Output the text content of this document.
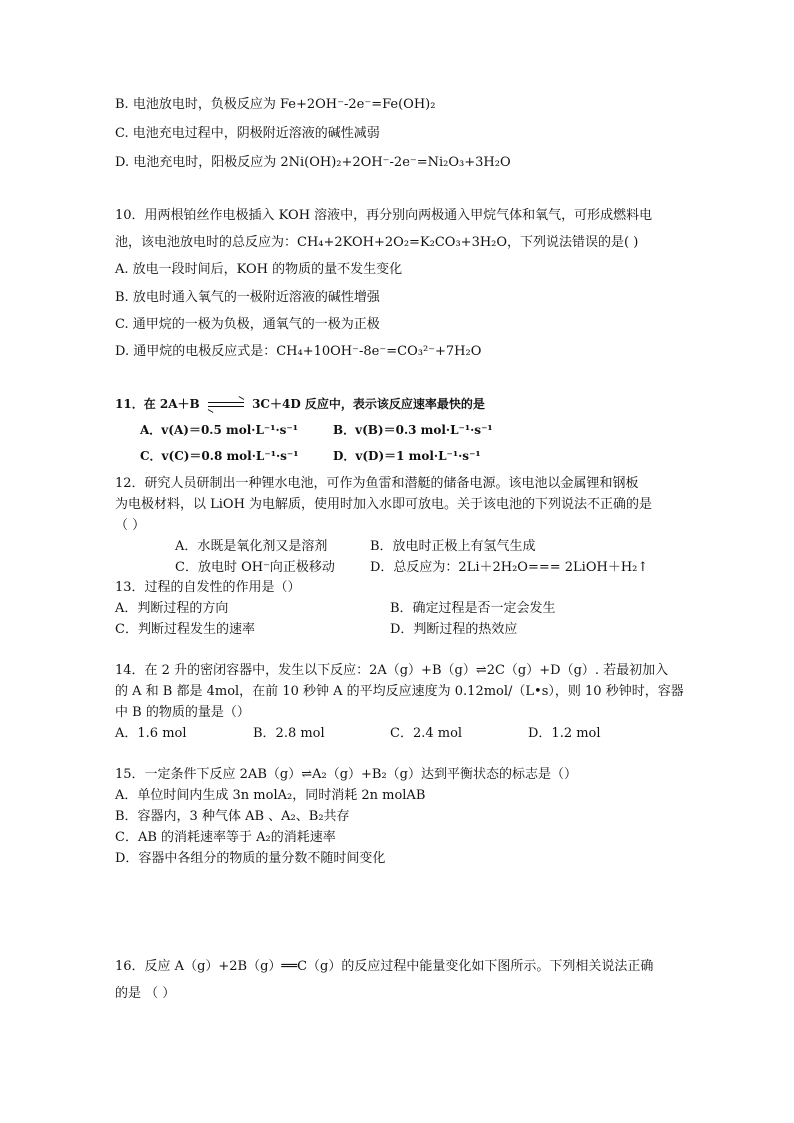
B. 电池放电时，负极反应为 Fe+2OH⁻-2e⁻=Fe(OH)₂
C. 电池充电过程中，阴极附近溶液的碱性减弱
D. 电池充电时，阳极反应为 2Ni(OH)₂+2OH⁻-2e⁻=Ni₂O₃+3H₂O
10．用两根铂丝作电极插入 KOH 溶液中，再分别向两极通入甲烷气体和氧气，可形成燃料电
池，该电池放电时的总反应为：CH₄+2KOH+2O₂=K₂CO₃+3H₂O，下列说法错误的是( )
A. 放电一段时间后，KOH 的物质的量不发生变化
B. 放电时通入氧气的一极附近溶液的碱性增强
C. 通甲烷的一极为负极，通氧气的一极为正极
D. 通甲烷的电极反应式是：CH₄+10OH⁻-8e⁻=CO₃²⁻+7H₂O
11．在 2A＋B	3C＋4D 反应中，表示该反应速率最快的是
A．v(A)＝0.5 mol·L⁻¹·s⁻¹	B．v(B)＝0.3 mol·L⁻¹·s⁻¹
C．v(C)＝0.8 mol·L⁻¹·s⁻¹	D．v(D)＝1 mol·L⁻¹·s⁻¹
12．研究人员研制出一种锂水电池，可作为鱼雷和潜艇的储备电源。该电池以金属锂和钢板
为电极材料，以 LiOH 为电解质，使用时加入水即可放电。关于该电池的下列说法不正确的是
（ ）
A．水既是氧化剂又是溶剂	B．放电时正极上有氢气生成
C．放电时 OH⁻向正极移动	D．总反应为：2Li＋2H₂O=== 2LiOH＋H₂↑
13．过程的自发性的作用是（）
A．判断过程的方向	B．确定过程是否一定会发生
C．判断过程发生的速率	D．判断过程的热效应
14．在 2 升的密闭容器中，发生以下反应：2A（g）+B（g）⇌2C（g）+D（g）. 若最初加入
的 A 和 B 都是 4mol，在前 10 秒钟 A 的平均反应速度为 0.12mol/（L•s），则 10 秒钟时，容器
中 B 的物质的量是（）
A．1.6 mol	B．2.8 mol	C．2.4 mol	D．1.2 mol
15．一定条件下反应 2AB（g）⇌A₂（g）+B₂（g）达到平衡状态的标志是（）
A．单位时间内生成 3n molA₂，同时消耗 2n molAB
B．容器内，3 种气体 AB 、A₂、B₂共存
C．AB 的消耗速率等于 A₂的消耗速率
D．容器中各组分的物质的量分数不随时间变化
16．反应 A（g）+2B（g）══C（g）的反应过程中能量变化如下图所示。下列相关说法正确
的是 （ ）
